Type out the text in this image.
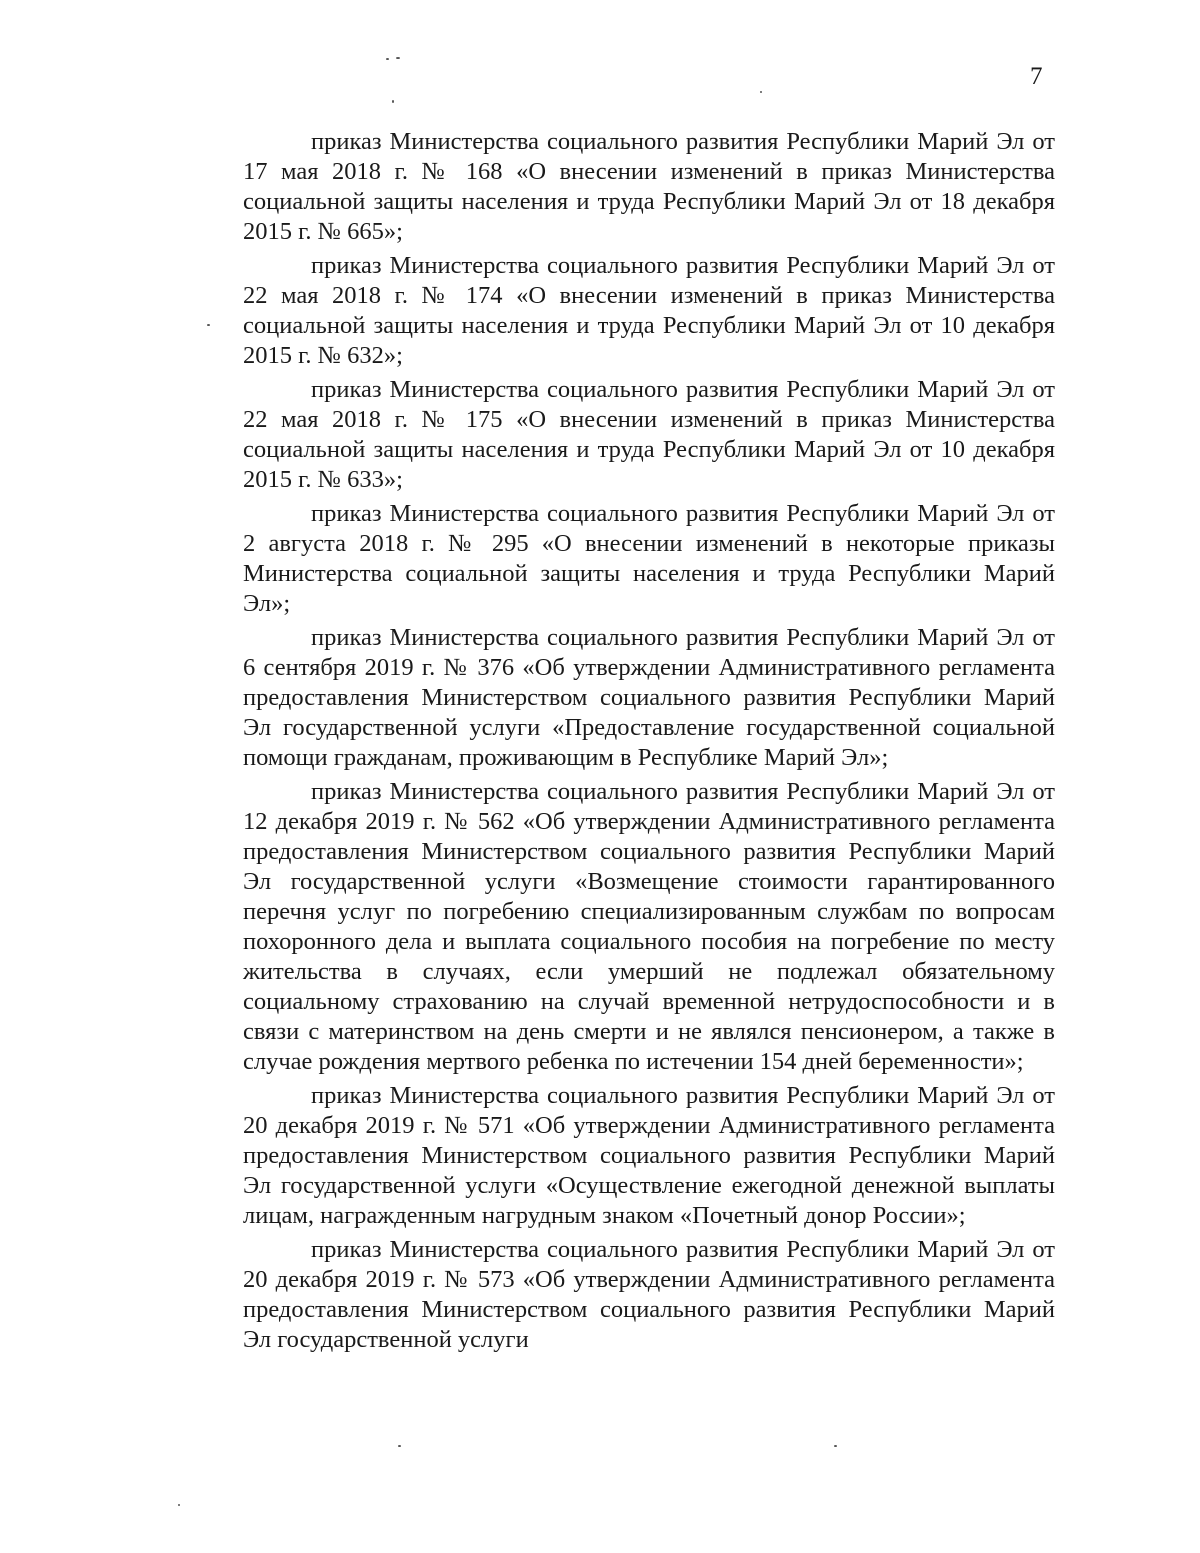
7

приказ Министерства социального развития Республики Марий Эл от 17 мая 2018 г. № 168 «О внесении изменений в приказ Министерства социальной защиты населения и труда Республики Марий Эл от 18 декабря 2015 г. № 665»;

приказ Министерства социального развития Республики Марий Эл от 22 мая 2018 г. № 174 «О внесении изменений в приказ Министерства социальной защиты населения и труда Республики Марий Эл от 10 декабря 2015 г. № 632»;

приказ Министерства социального развития Республики Марий Эл от 22 мая 2018 г. № 175 «О внесении изменений в приказ Министерства социальной защиты населения и труда Республики Марий Эл от 10 декабря 2015 г. № 633»;

приказ Министерства социального развития Республики Марий Эл от 2 августа 2018 г. № 295 «О внесении изменений в некоторые приказы Министерства социальной защиты населения и труда Республики Марий Эл»;

приказ Министерства социального развития Республики Марий Эл от 6 сентября 2019 г. № 376 «Об утверждении Административного регламента предоставления Министерством социального развития Республики Марий Эл государственной услуги «Предоставление государственной социальной помощи гражданам, проживающим в Республике Марий Эл»;

приказ Министерства социального развития Республики Марий Эл от 12 декабря 2019 г. № 562 «Об утверждении Административного регламента предоставления Министерством социального развития Республики Марий Эл государственной услуги «Возмещение стоимости гарантированного перечня услуг по погребению специализированным службам по вопросам похоронного дела и выплата социального пособия на погребение по месту жительства в случаях, если умерший не подлежал обязательному социальному страхованию на случай временной нетрудоспособности и в связи с материнством на день смерти и не являлся пенсионером, а также в случае рождения мертвого ребенка по истечении 154 дней беременности»;

приказ Министерства социального развития Республики Марий Эл от 20 декабря 2019 г. № 571 «Об утверждении Административного регламента предоставления Министерством социального развития Республики Марий Эл государственной услуги «Осуществление ежегодной денежной выплаты лицам, награжденным нагрудным знаком «Почетный донор России»;

приказ Министерства социального развития Республики Марий Эл от 20 декабря 2019 г. № 573 «Об утверждении Административного регламента предоставления Министерством социального развития Республики Марий Эл государственной услуги
